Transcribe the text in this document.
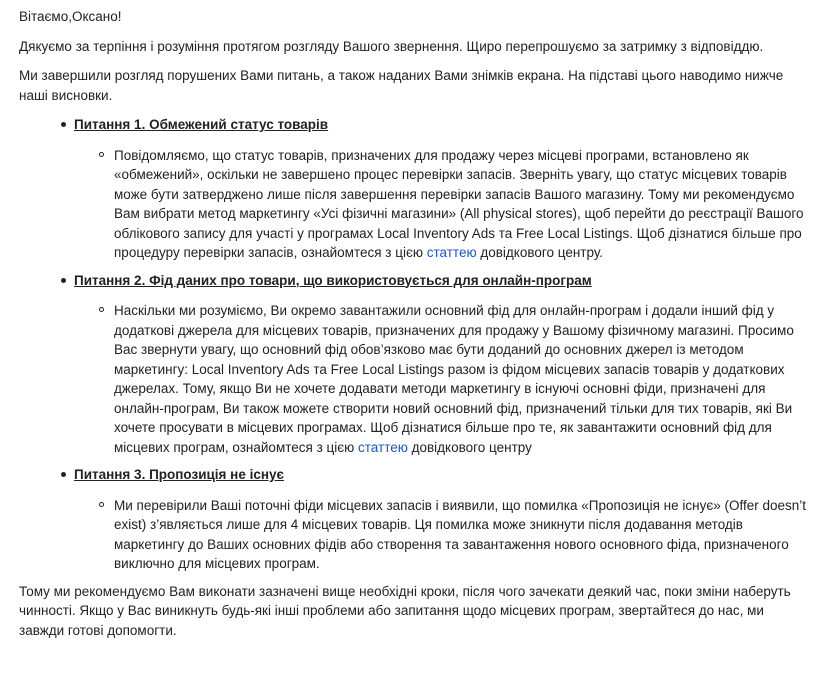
Вітаємо,Оксано!

Дякуємо за терпіння і розуміння протягом розгляду Вашого звернення. Щиро перепрошуємо за затримку з відповіддю.

Ми завершили розгляд порушених Вами питань, а також наданих Вами знімків екрана. На підставі цього наводимо нижче наші висновки.

Питання 1. Обмежений статус товарів
Повідомляємо, що статус товарів, призначених для продажу через місцеві програми, встановлено як «обмежений», оскільки не завершено процес перевірки запасів. Зверніть увагу, що статус місцевих товарів може бути затверджено лише після завершення перевірки запасів Вашого магазину. Тому ми рекомендуємо Вам вибрати метод маркетингу «Усі фізичні магазини» (All physical stores), щоб перейти до реєстрації Вашого облікового запису для участі у програмах Local Inventory Ads та Free Local Listings. Щоб дізнатися більше про процедуру перевірки запасів, ознайомтеся з цією статтею довідкового центру.
Питання 2. Фід даних про товари, що використовується для онлайн-програм
Наскільки ми розуміємо, Ви окремо завантажили основний фід для онлайн-програм і додали інший фід у додаткові джерела для місцевих товарів, призначених для продажу у Вашому фізичному магазині. Просимо Вас звернути увагу, що основний фід обов’язково має бути доданий до основних джерел із методом маркетингу: Local Inventory Ads та Free Local Listings разом із фідом місцевих запасів товарів у додаткових джерелах. Тому, якщо Ви не хочете додавати методи маркетингу в існуючі основні фіди, призначені для онлайн-програм, Ви також можете створити новий основний фід, призначений тільки для тих товарів, які Ви хочете просувати в місцевих програмах. Щоб дізнатися більше про те, як завантажити основний фід для місцевих програм, ознайомтеся з цією статтею довідкового центру
Питання 3. Пропозиція не існує
Ми перевірили Ваші поточні фіди місцевих запасів і виявили, що помилка «Пропозиція не існує» (Offer doesn’t exist) з’являється лише для 4 місцевих товарів. Ця помилка може зникнути після додавання методів маркетингу до Ваших основних фідів або створення та завантаження нового основного фіда, призначеного виключно для місцевих програм.

Тому ми рекомендуємо Вам виконати зазначені вище необхідні кроки, після чого зачекати деякий час, поки зміни наберуть чинності. Якщо у Вас виникнуть будь-які інші проблеми або запитання щодо місцевих програм, звертайтеся до нас, ми завжди готові допомогти.
